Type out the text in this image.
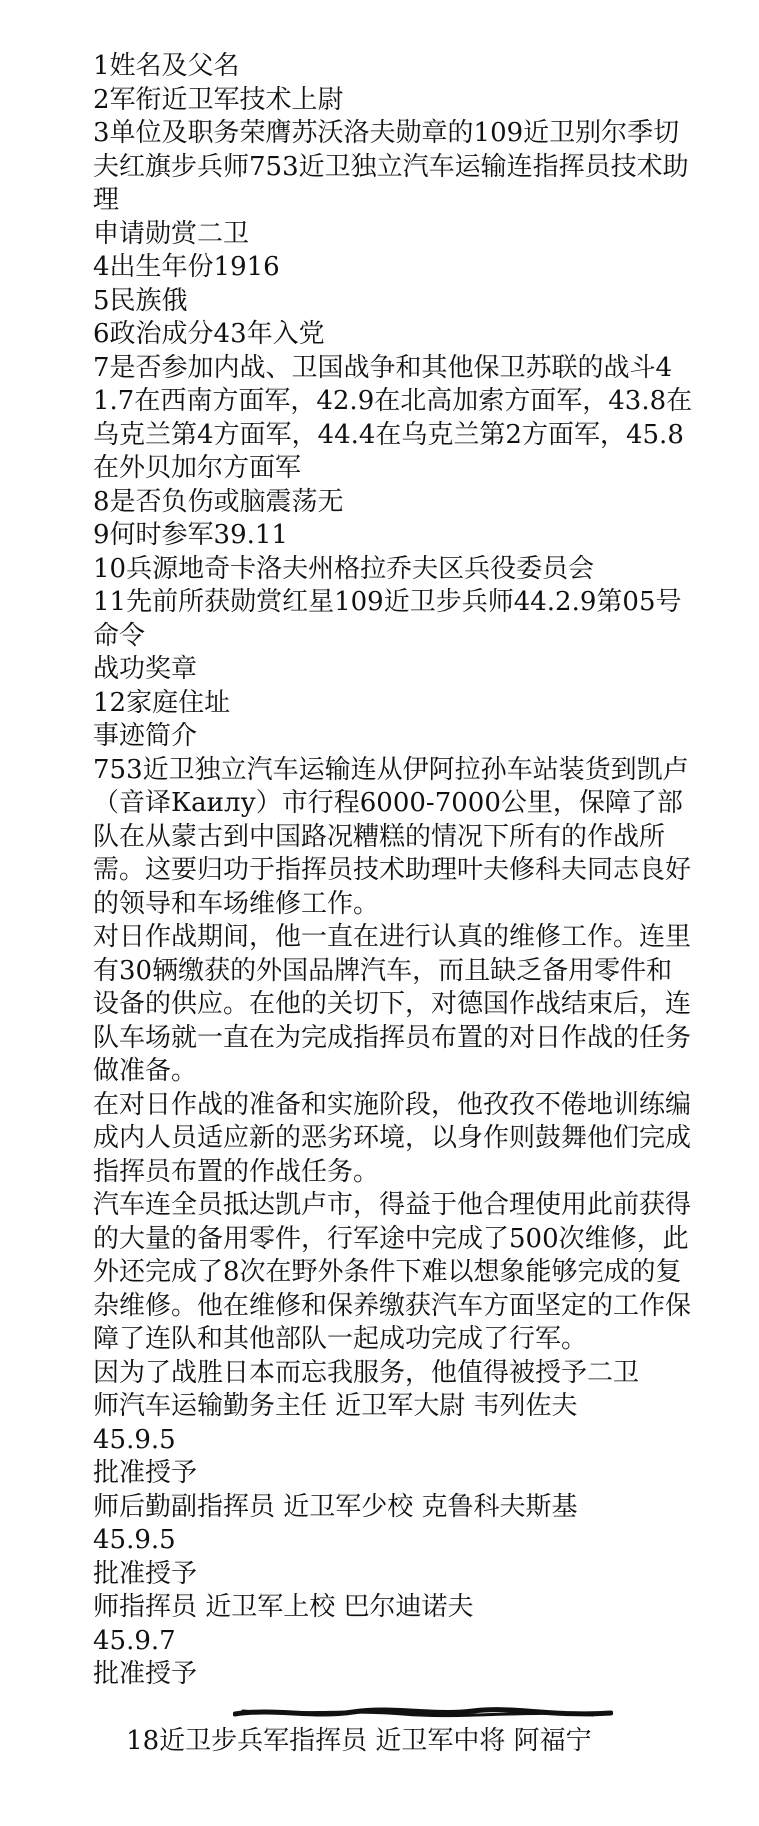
1姓名及父名
2军衔近卫军技术上尉
3单位及职务荣膺苏沃洛夫勋章的109近卫别尔季切夫红旗步兵师753近卫独立汽车运输连指挥员技术助理
申请勋赏二卫
4出生年份1916
5民族俄
6政治成分43年入党
7是否参加内战、卫国战争和其他保卫苏联的战斗41.7在西南方面军，42.9在北高加索方面军，43.8在乌克兰第4方面军，44.4在乌克兰第2方面军，45.8在外贝加尔方面军
8是否负伤或脑震荡无
9何时参军39.11
10兵源地奇卡洛夫州格拉乔夫区兵役委员会
11先前所获勋赏红星109近卫步兵师44.2.9第05号命令
战功奖章
12家庭住址
事迹简介
753近卫独立汽车运输连从伊阿拉孙车站装货到凯卢（音译Каилу）市行程6000-7000公里，保障了部队在从蒙古到中国路况糟糕的情况下所有的作战所需。这要归功于指挥员技术助理叶夫修科夫同志良好的领导和车场维修工作。
对日作战期间，他一直在进行认真的维修工作。连里有30辆缴获的外国品牌汽车，而且缺乏备用零件和设备的供应。在他的关切下，对德国作战结束后，连队车场就一直在为完成指挥员布置的对日作战的任务做准备。
在对日作战的准备和实施阶段，他孜孜不倦地训练编成内人员适应新的恶劣环境，以身作则鼓舞他们完成指挥员布置的作战任务。
汽车连全员抵达凯卢市，得益于他合理使用此前获得的大量的备用零件，行军途中完成了500次维修，此外还完成了8次在野外条件下难以想象能够完成的复杂维修。他在维修和保养缴获汽车方面坚定的工作保障了连队和其他部队一起成功完成了行军。
因为了战胜日本而忘我服务，他值得被授予二卫
师汽车运输勤务主任 近卫军大尉 韦列佐夫
45.9.5
批准授予
师后勤副指挥员 近卫军少校 克鲁科夫斯基
45.9.5
批准授予
师指挥员 近卫军上校 巴尔迪诺夫
45.9.7
批准授予

18近卫步兵军指挥员 近卫军中将 阿福宁
